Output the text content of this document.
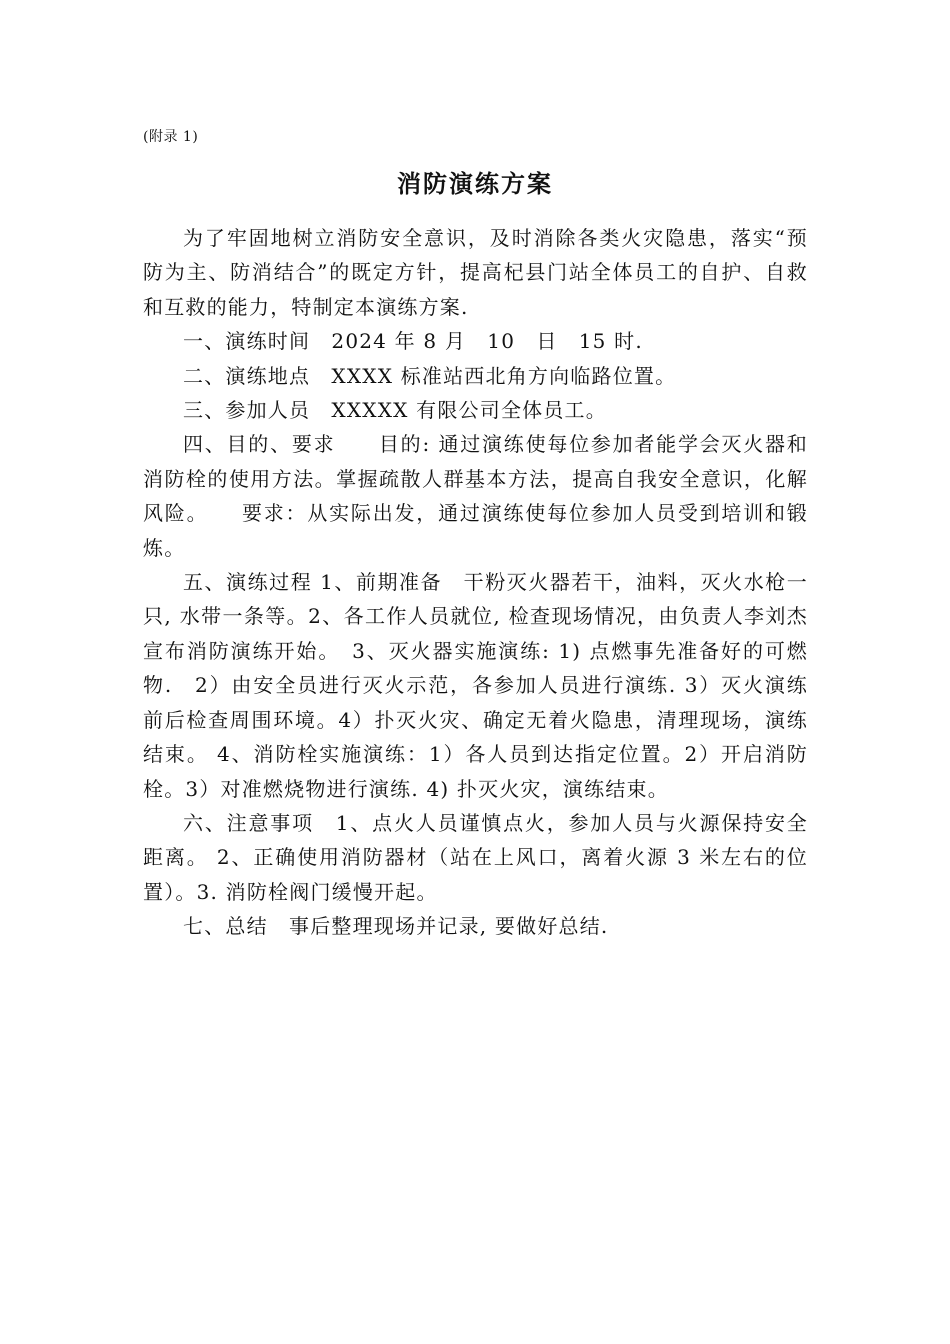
(附录 1)
消防演练方案

为了牢固地树立消防安全意识，及时消除各类火灾隐患，落实“预防为主、防消结合”的既定方针，提高杞县门站全体员工的自护、自救和互救的能力，特制定本演练方案.

一、演练时间　2024 年 8 月　10　日　15 时.

二、演练地点　XXXX 标准站西北角方向临路位置。

三、参加人员　XXXXX 有限公司全体员工。

四、目的、要求　　目的: 通过演练使每位参加者能学会灭火器和消防栓的使用方法。掌握疏散人群基本方法，提高自我安全意识，化解风险。　　要求：从实际出发，通过演练使每位参加人员受到培训和锻炼。

五、演练过程 1、前期准备　干粉灭火器若干，油料，灭火水枪一只, 水带一条等。2、各工作人员就位, 检查现场情况，由负责人李刘杰宣布消防演练开始。　3、灭火器实施演练: 1) 点燃事先准备好的可燃物.　2）由安全员进行灭火示范，各参加人员进行演练. 3）灭火演练前后检查周围环境。4）扑灭火灾、确定无着火隐患，清理现场，演练结束。 4、消防栓实施演练：1）各人员到达指定位置。2）开启消防栓。3）对准燃烧物进行演练. 4) 扑灭火灾，演练结束。

六、注意事项　1、点火人员谨慎点火，参加人员与火源保持安全距离。 2、正确使用消防器材（站在上风口，离着火源 3 米左右的位置）。3. 消防栓阀门缓慢开起。

七、总结　事后整理现场并记录, 要做好总结.
